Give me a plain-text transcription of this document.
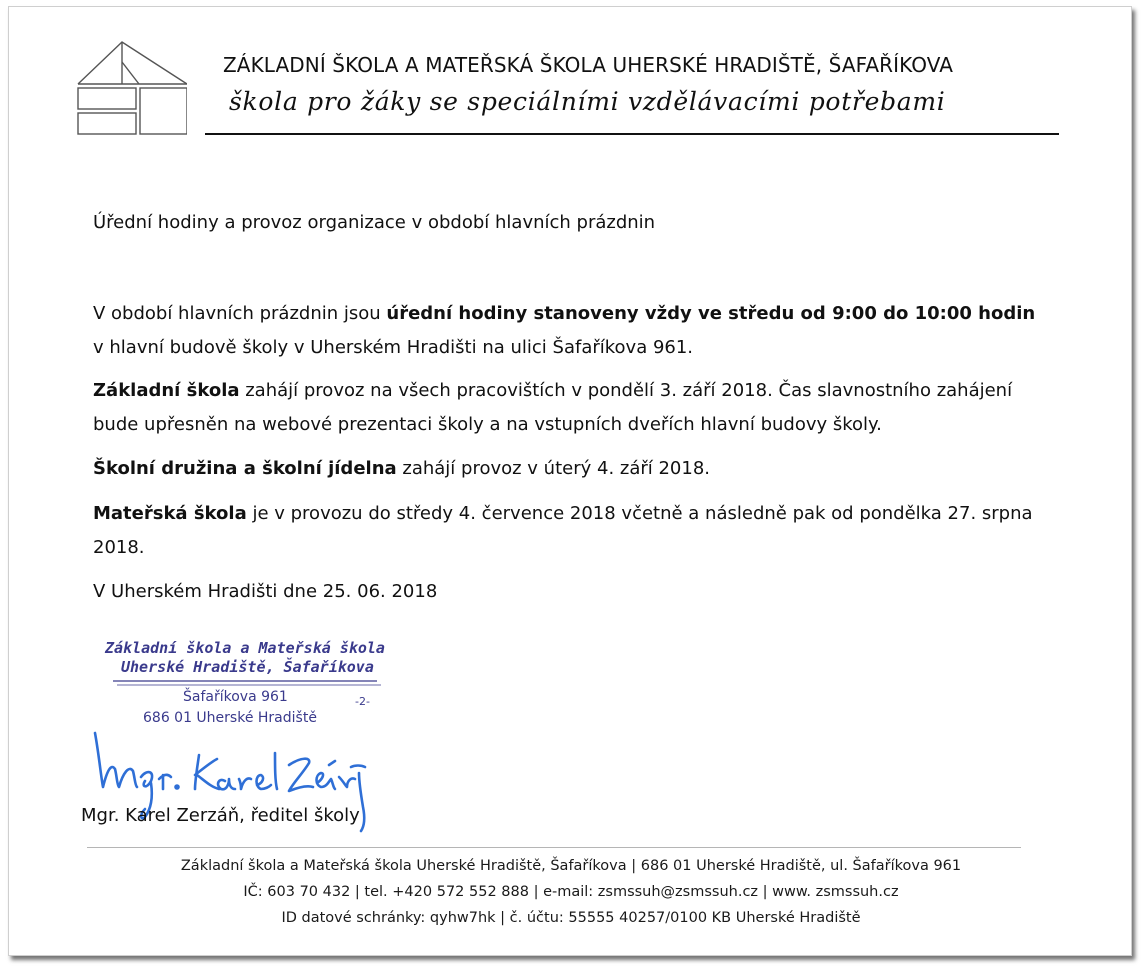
ZÁKLADNÍ ŠKOLA A MATEŘSKÁ ŠKOLA UHERSKÉ HRADIŠTĚ, ŠAFAŘÍKOVA
škola pro žáky se speciálními vzdělávacími potřebami
Úřední hodiny a provoz organizace v období hlavních prázdnin

V období hlavních prázdnin jsou úřední hodiny stanoveny vždy ve středu od 9:00 do 10:00 hodin
v hlavní budově školy v Uherském Hradišti na ulici Šafaříkova 961.

Základní škola zahájí provoz na všech pracovištích v pondělí 3. září 2018. Čas slavnostního zahájení
bude upřesněn na webové prezentaci školy a na vstupních dveřích hlavní budovy školy.

Školní družina a školní jídelna zahájí provoz v úterý 4. září 2018.

Mateřská škola je v provozu do středy 4. července 2018 včetně a následně pak od pondělka 27. srpna
2018.

V Uherském Hradišti dne 25. 06. 2018

Základní škola a Mateřská škola
Uherské Hradiště, Šafaříkova
Šafaříkova 961	-2-
686 01 Uherské Hradiště
Mgr. Karel Zerzáň, ředitel školy
Základní škola a Mateřská škola Uherské Hradiště, Šafaříkova | 686 01 Uherské Hradiště, ul. Šafaříkova 961
IČ: 603 70 432 | tel. +420 572 552 888 | e-mail: zsmssuh@zsmssuh.cz | www. zsmssuh.cz
ID datové schránky: qyhw7hk | č. účtu: 55555 40257/0100 KB Uherské Hradiště
